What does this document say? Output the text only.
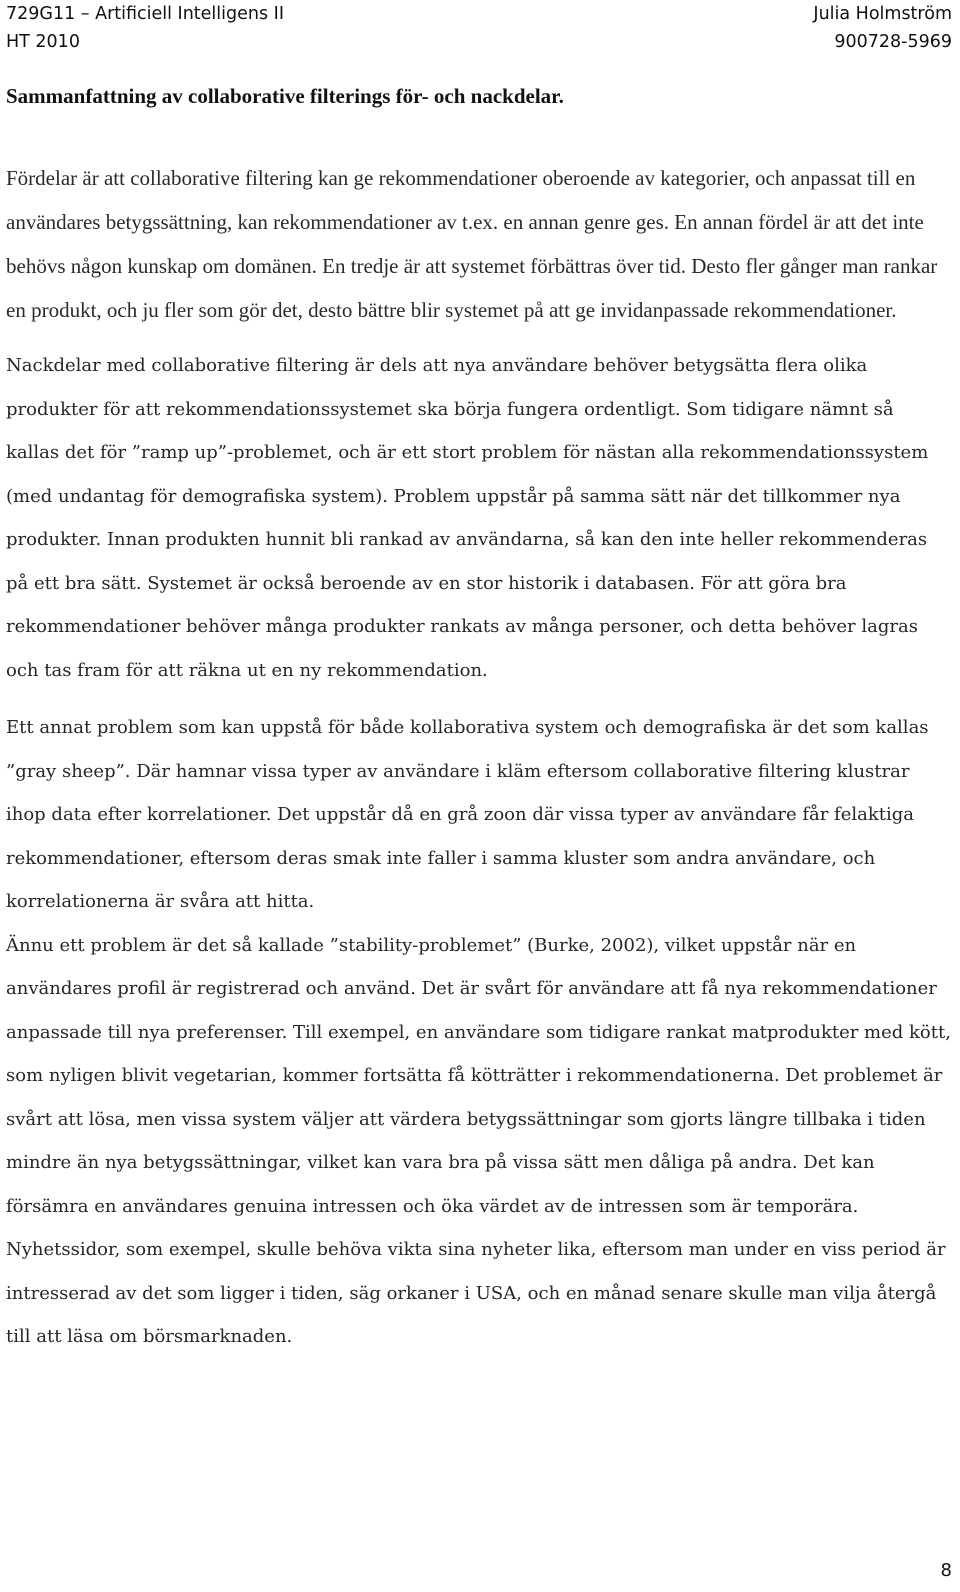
729G11 – Artificiell Intelligens II	Julia Holmström
HT 2010	900728-5969

Sammanfattning av collaborative filterings för- och nackdelar.

Fördelar är att collaborative filtering kan ge rekommendationer oberoende av kategorier, och anpassat till en användares betygssättning, kan rekommendationer av t.ex. en annan genre ges. En annan fördel är att det inte behövs någon kunskap om domänen. En tredje är att systemet förbättras över tid. Desto fler gånger man rankar en produkt, och ju fler som gör det, desto bättre blir systemet på att ge invidanpassade rekommendationer.

Nackdelar med collaborative filtering är dels att nya användare behöver betygsätta flera olika produkter för att rekommendationssystemet ska börja fungera ordentligt. Som tidigare nämnt så kallas det för ”ramp up”-problemet, och är ett stort problem för nästan alla rekommendationssystem (med undantag för demografiska system). Problem uppstår på samma sätt när det tillkommer nya produkter. Innan produkten hunnit bli rankad av användarna, så kan den inte heller rekommenderas på ett bra sätt. Systemet är också beroende av en stor historik i databasen. För att göra bra rekommendationer behöver många produkter rankats av många personer, och detta behöver lagras och tas fram för att räkna ut en ny rekommendation.

Ett annat problem som kan uppstå för både kollaborativa system och demografiska är det som kallas ”gray sheep”. Där hamnar vissa typer av användare i kläm eftersom collaborative filtering klustrar ihop data efter korrelationer. Det uppstår då en grå zoon där vissa typer av användare får felaktiga rekommendationer, eftersom deras smak inte faller i samma kluster som andra användare, och korrelationerna är svåra att hitta.

Ännu ett problem är det så kallade ”stability-problemet” (Burke, 2002), vilket uppstår när en användares profil är registrerad och använd. Det är svårt för användare att få nya rekommendationer anpassade till nya preferenser. Till exempel, en användare som tidigare rankat matprodukter med kött, som nyligen blivit vegetarian, kommer fortsätta få kötträtter i rekommendationerna. Det problemet är svårt att lösa, men vissa system väljer att värdera betygssättningar som gjorts längre tillbaka i tiden mindre än nya betygssättningar, vilket kan vara bra på vissa sätt men dåliga på andra. Det kan försämra en användares genuina intressen och öka värdet av de intressen som är temporära. Nyhetssidor, som exempel, skulle behöva vikta sina nyheter lika, eftersom man under en viss period är intresserad av det som ligger i tiden, säg orkaner i USA, och en månad senare skulle man vilja återgå till att läsa om börsmarknaden.

8
